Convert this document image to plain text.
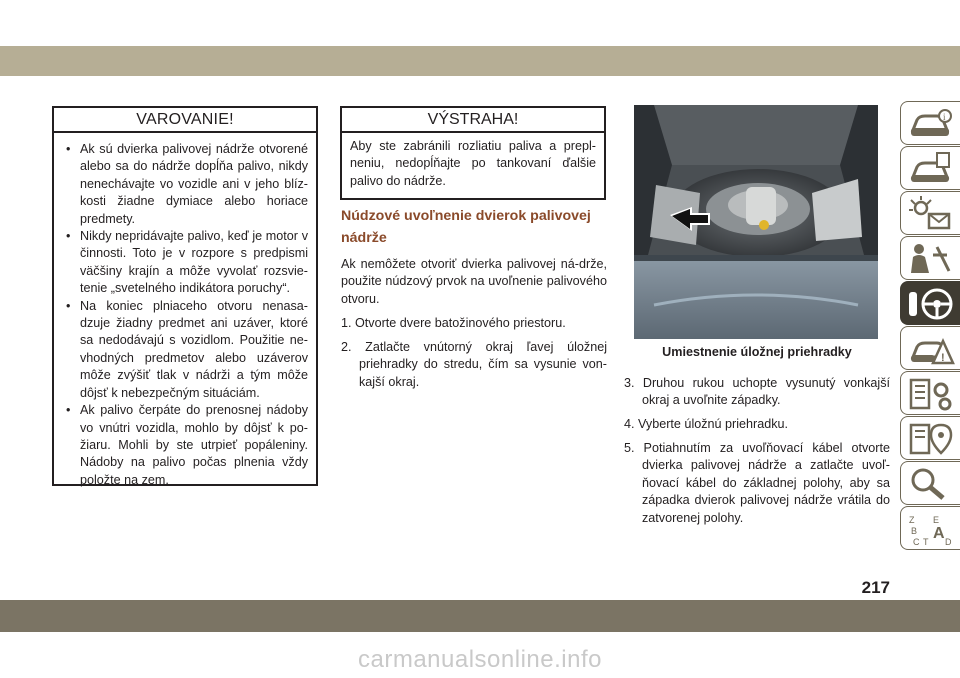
VAROVANIE!
• Ak sú dvierka palivovej nádrže otvorené alebo sa do nádrže dopĺňa palivo, nikdy nenechávajte vo vozidle ani v jeho blíz-kosti žiadne dymiace alebo horiace predmety.
• Nikdy nepridávajte palivo, keď je motor v činnosti. Toto je v rozpore s predpismi väčšiny krajín a môže vyvolať rozsvie-tenie „svetelného indikátora poruchy“.
• Na koniec plniaceho otvoru nenasa-dzuje žiadny predmet ani uzáver, ktoré sa nedodávajú s vozidlom. Použitie ne-vhodných predmetov alebo uzáverov môže zvýšiť tlak v nádrži a tým môže dôjsť k nebezpečným situáciám.
• Ak palivo čerpáte do prenosnej nádoby vo vnútri vozidla, mohlo by dôjsť k po-žiaru. Mohli by ste utrpieť popáleniny. Nádoby na palivo počas plnenia vždy položte na zem.
VÝSTRAHA!

Aby ste zabránili rozliatiu paliva a prepl-neniu, nedopĺňajte po tankovaní ďalšie palivo do nádrže.

Núdzové uvoľnenie dvierok palivovej nádrže

Ak nemôžete otvoriť dvierka palivovej ná-drže, použite núdzový prvok na uvoľnenie palivového otvoru.

1. Otvorte dvere batožinového priestoru.

2. Zatlačte vnútorný okraj ľavej úložnej priehradky do stredu, čím sa vysunie von-kajší okraj.

Umiestnenie úložnej priehradky

3. Druhou rukou uchopte vysunutý vonkajší okraj a uvoľnite západky.

4. Vyberte úložnú priehradku.

5. Potiahnutím za uvoľňovací kábel otvorte dvierka palivovej nádrže a zatlačte uvoľ-ňovací kábel do základnej polohy, aby sa západka dvierok palivovej nádrže vrátila do zatvorenej polohy.

i
!
Z E
B A
C T D
217
carmanualsonline.info
